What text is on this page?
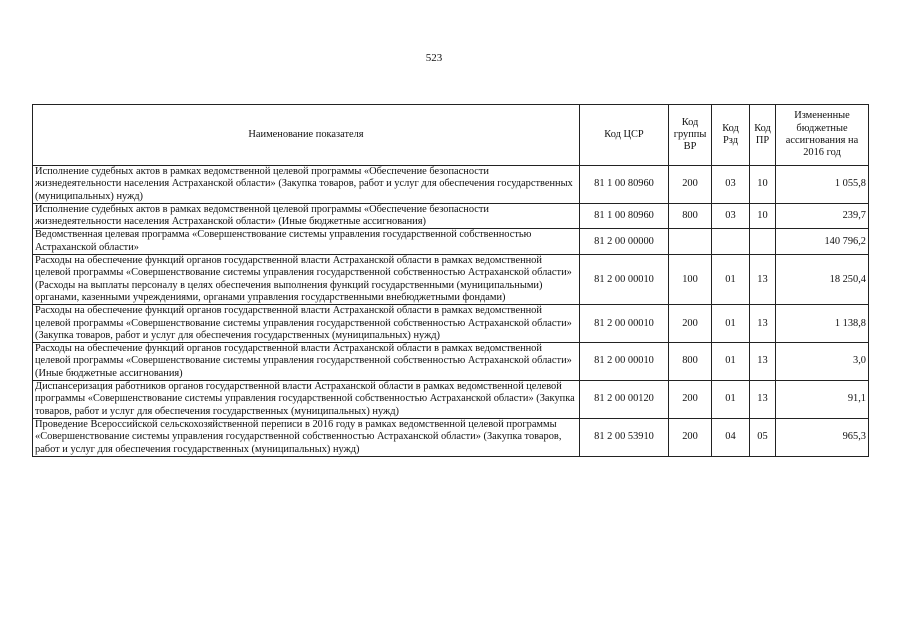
523
Наименование показателя	Код ЦСР	Код группы ВР	Код Рзд	Код ПР	Измененные бюджетные ассигнования на 2016 год
Исполнение судебных актов в рамках ведомственной целевой программы «Обеспечение безопасности жизнедеятельности населения Астраханской области» (Закупка товаров, работ и услуг для обеспечения государственных (муниципальных) нужд)	81 1 00 80960	200	03	10	1 055,8
Исполнение судебных актов в рамках ведомственной целевой программы «Обеспечение безопасности жизнедеятельности населения Астраханской области» (Иные бюджетные ассигнования)	81 1 00 80960	800	03	10	239,7
Ведомственная целевая программа «Совершенствование системы управления государственной собственностью Астраханской области»	81 2 00 00000				140 796,2
Расходы на обеспечение функций органов государственной власти Астраханской области в рамках ведомственной целевой программы «Совершенствование системы управления государственной собственностью Астраханской области» (Расходы на выплаты персоналу в целях обеспечения выполнения функций государственными (муниципальными) органами, казенными учреждениями, органами управления государственными внебюджетными фондами)	81 2 00 00010	100	01	13	18 250,4
Расходы на обеспечение функций органов государственной власти Астраханской области в рамках ведомственной целевой программы «Совершенствование системы управления государственной собственностью Астраханской области» (Закупка товаров, работ и услуг для обеспечения государственных (муниципальных) нужд)	81 2 00 00010	200	01	13	1 138,8
Расходы на обеспечение функций органов государственной власти Астраханской области в рамках ведомственной целевой программы «Совершенствование системы управления государственной собственностью Астраханской области» (Иные бюджетные ассигнования)	81 2 00 00010	800	01	13	3,0
Диспансеризация работников органов государственной власти Астраханской области в рамках ведомственной целевой программы «Совершенствование системы управления государственной собственностью Астраханской области» (Закупка товаров, работ и услуг для обеспечения государственных (муниципальных) нужд)	81 2 00 00120	200	01	13	91,1
Проведение Всероссийской сельскохозяйственной переписи в 2016 году в рамках ведомственной целевой программы «Совершенствование системы управления государственной собственностью Астраханской области» (Закупка товаров, работ и услуг для обеспечения государственных (муниципальных) нужд)	81 2 00 53910	200	04	05	965,3
